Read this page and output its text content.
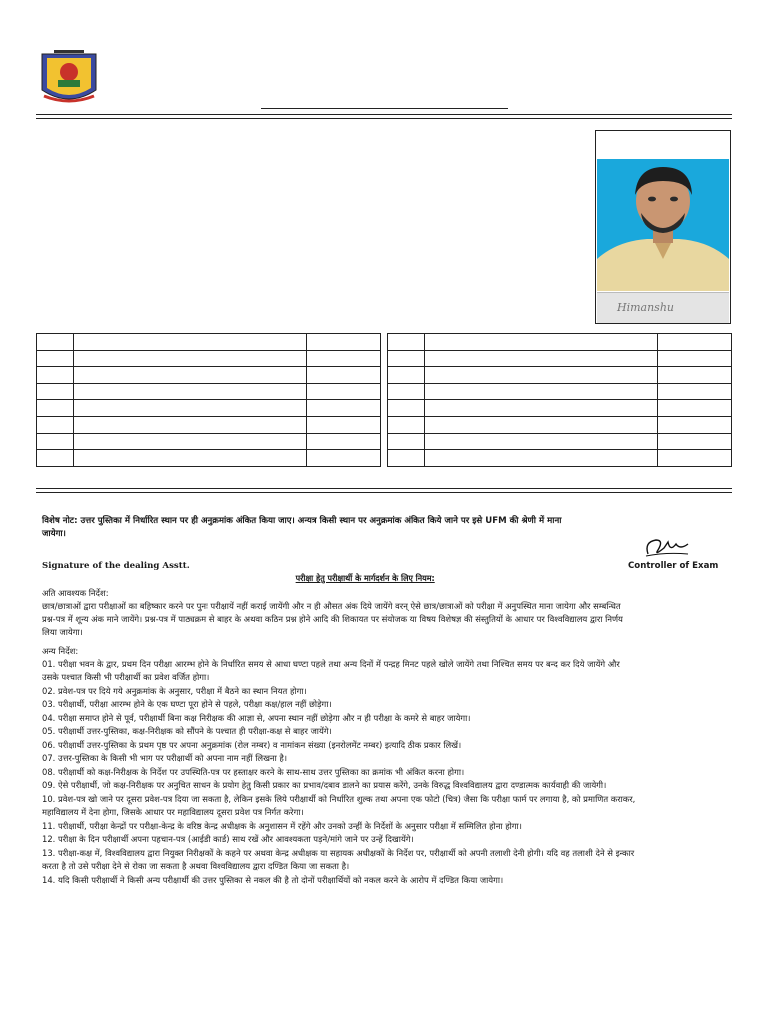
Himanshu

विशेष नोट: उत्तर पुस्तिका में निर्धारित स्थान पर ही अनुक्रमांक अंकित किया जाए। अन्यत्र किसी स्थान पर अनुक्रमांक अंकित किये जाने पर इसे UFM की श्रेणी में माना
जायेगा।
Signature of the dealing Asstt.	Controller of Exam
परीक्षा हेतु परीक्षार्थी के मार्गदर्शन के लिए नियम:
अति आवश्यक निर्देश:
छात्र/छात्राओं द्वारा परीक्षाओं का बहिष्कार करने पर पुनः परीक्षायें नहीं कराई जायेंगी और न ही औसत अंक दिये जायेंगे वरन् ऐसे छात्र/छात्राओं को परीक्षा में अनुपस्थित माना जायेगा और सम्बन्धित
प्रश्न-पत्र में शून्य अंक माने जायेंगे। प्रश्न-पत्र में पाठ्यक्रम से बाहर के अथवा कठिन प्रश्न होने आदि की शिकायत पर संयोजक या विषय विशेषज्ञ की संस्तुतियों के आधार पर विश्वविद्यालय द्वारा निर्णय
लिया जायेगा।
अन्य निर्देश:
01. परीक्षा भवन के द्वार, प्रथम दिन परीक्षा आरम्भ होने के निर्धारित समय से आधा घण्टा पहले तथा अन्य दिनों में पन्द्रह मिनट पहले खोले जायेंगे तथा निश्चित समय पर बन्द कर दिये जायेंगे और
उसके पश्चात किसी भी परीक्षार्थी का प्रवेश वर्जित होगा।
02. प्रवेश-पत्र पर दिये गये अनुक्रमांक के अनुसार, परीक्षा में बैठने का स्थान नियत होगा।
03. परीक्षार्थी, परीक्षा आरम्भ होने के एक घण्टा पूरा होने से पहले, परीक्षा कक्ष/हाल नहीं छोड़ेगा।
04. परीक्षा समाप्त होने से पूर्व, परीक्षार्थी बिना कक्ष निरीक्षक की आज्ञा से, अपना स्थान नहीं छोड़ेगा और न ही परीक्षा के कमरे से बाहर जायेगा।
05. परीक्षार्थी उत्तर-पुस्तिका, कक्ष-निरीक्षक को सौंपने के पश्चात ही परीक्षा-कक्ष से बाहर जायेंगे।
06. परीक्षार्थी उत्तर-पुस्तिका के प्रथम पृष्ठ पर अपना अनुक्रमांक (रोल नम्बर) व नामांकन संख्या (इनरोलमेंट नम्बर) इत्यादि ठीक प्रकार लिखें।
07. उत्तर-पुस्तिका के किसी भी भाग पर परीक्षार्थी को अपना नाम नहीं लिखना है।
08. परीक्षार्थी को कक्ष-निरीक्षक के निर्देश पर उपस्थिति-पत्र पर हस्ताक्षर करने के साथ-साथ उत्तर पुस्तिका का क्रमांक भी अंकित करना होगा।
09. ऐसे परीक्षार्थी, जो कक्ष-निरीक्षक पर अनुचित साधन के प्रयोग हेतु किसी प्रकार का प्रभाव/दबाव डालने का प्रयास करेंगे, उनके विरुद्ध विश्वविद्यालय द्वारा दण्डात्मक कार्यवाही की जायेगी।
10. प्रवेश-पत्र खो जाने पर दूसरा प्रवेश-पत्र दिया जा सकता है, लेकिन इसके लिये परीक्षार्थी को निर्धारित शुल्क तथा अपना एक फोटो (चित्र) जैसा कि परीक्षा फार्म पर लगाया है, को प्रमाणित कराकर,
महाविद्यालय में देना होगा, जिसके आधार पर महाविद्यालय दूसरा प्रवेश पत्र निर्गत करेगा।
11. परीक्षार्थी, परीक्षा केन्द्रों पर परीक्षा-केन्द्र के वरिष्ठ केन्द्र अधीक्षक के अनुशासन में रहेंगे और उनको उन्हीं के निर्देशों के अनुसार परीक्षा में सम्मिलित होना होगा।
12. परीक्षा के दिन परीक्षार्थी अपना पहचान-पत्र (आईडी कार्ड) साथ रखें और आवश्यकता पड़ने/मांगे जाने पर उन्हें दिखायेंगे।
13. परीक्षा-कक्ष में, विश्वविद्यालय द्वारा नियुक्त निरीक्षकों के कहने पर अथवा केन्द्र अधीक्षक या सहायक अधीक्षकों के निर्देश पर, परीक्षार्थी को अपनी तलाशी देनी होगी। यदि वह तलाशी देने से इन्कार
करता है तो उसे परीक्षा देने से रोका जा सकता है अथवा विश्वविद्यालय द्वारा दण्डित किया जा सकता है।
14. यदि किसी परीक्षार्थी ने किसी अन्य परीक्षार्थी की उत्तर पुस्तिका से नकल की है तो दोनों परीक्षार्थियों को नकल करने के आरोप में दण्डित किया जायेगा।
